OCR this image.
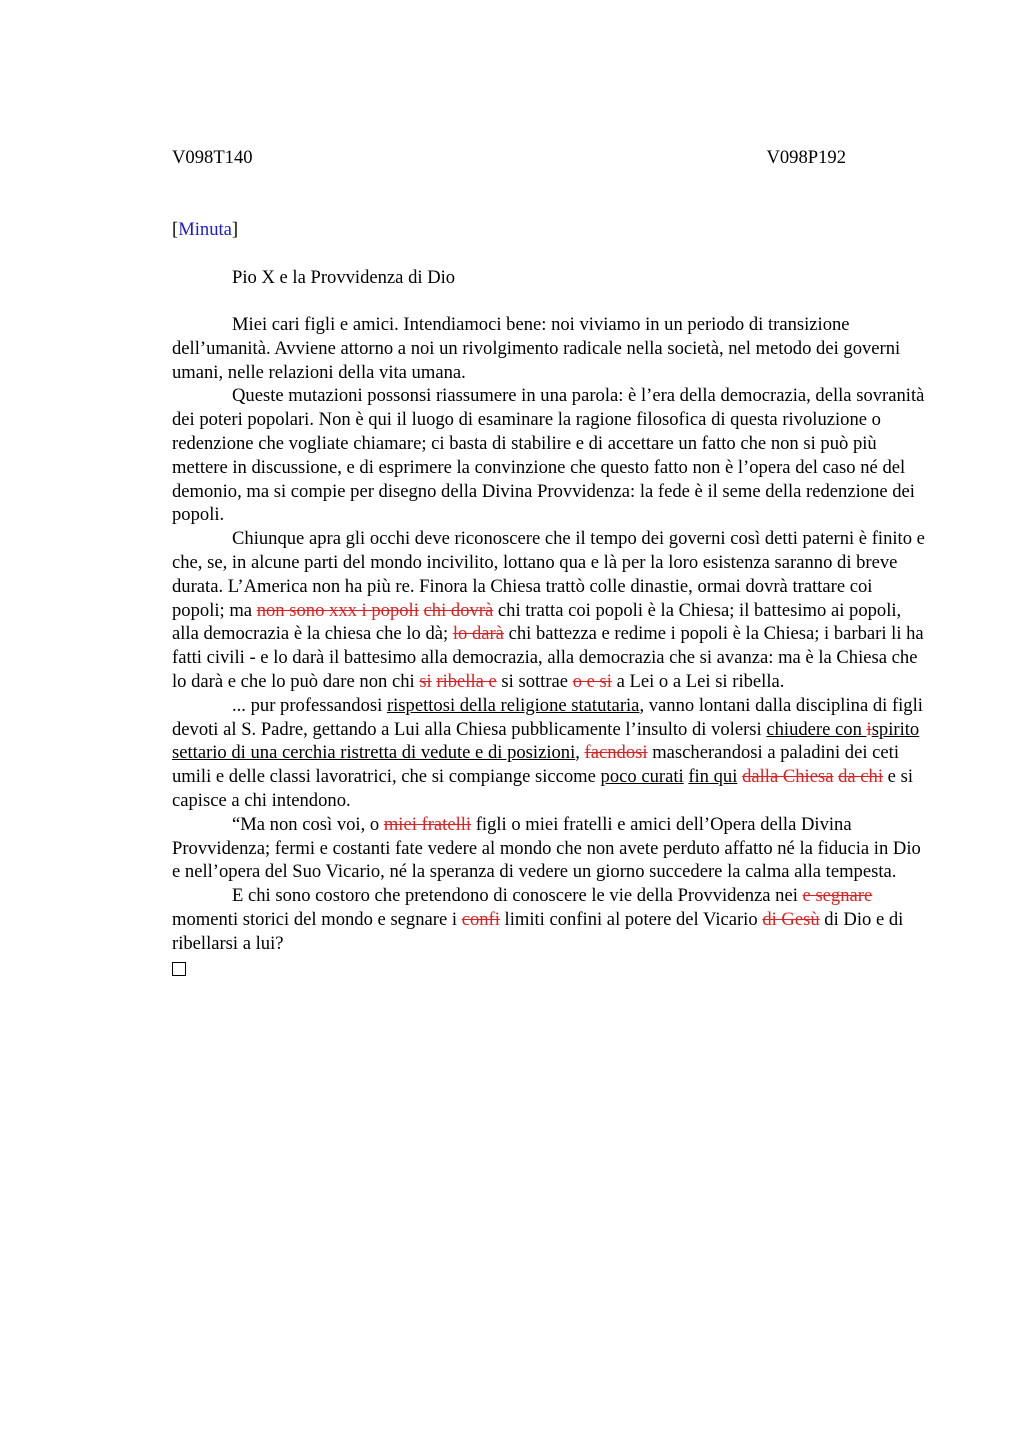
V098T140	V098P192
[Minuta]
Pio X e la Provvidenza di Dio

Miei cari figli e amici. Intendiamoci bene: noi viviamo in un periodo di transizione dell’umanità. Avviene attorno a noi un rivolgimento radicale nella società, nel metodo dei governi umani, nelle relazioni della vita umana.

Queste mutazioni possonsi riassumere in una parola: è l’era della democrazia, della sovranità dei poteri popolari. Non è qui il luogo di esaminare la ragione filosofica di questa rivoluzione o redenzione che vogliate chiamare; ci basta di stabilire e di accettare un fatto che non si può più mettere in discussione, e di esprimere la convinzione che questo fatto non è l’opera del caso né del demonio, ma si compie per disegno della Divina Provvidenza: la fede è il seme della redenzione dei popoli.

Chiunque apra gli occhi deve riconoscere che il tempo dei governi così detti paterni è finito e che, se, in alcune parti del mondo incivilito, lottano qua e là per la loro esistenza saranno di breve durata. L’America non ha più re. Finora la Chiesa trattò colle dinastie, ormai dovrà trattare coi popoli; ma non sono xxx i popoli chi dovrà chi tratta coi popoli è la Chiesa; il battesimo ai popoli, alla democrazia è la chiesa che lo dà; lo darà chi battezza e redime i popoli è la Chiesa; i barbari li ha fatti civili - e lo darà il battesimo alla democrazia, alla democrazia che si avanza: ma è la Chiesa che lo darà e che lo può dare non chi si ribella e si sottrae o e si a Lei o a Lei si ribella.

... pur professandosi rispettosi della religione statutaria, vanno lontani dalla disciplina di figli devoti al S. Padre, gettando a Lui alla Chiesa pubblicamente l’insulto di volersi chiudere con ispirito settario di una cerchia ristretta di vedute e di posizioni, facndosi mascherandosi a paladini dei ceti umili e delle classi lavoratrici, che si compiange siccome poco curati fin qui dalla Chiesa da chi e si capisce a chi intendono.

“Ma non così voi, o miei fratelli figli o miei fratelli e amici dell’Opera della Divina Provvidenza; fermi e costanti fate vedere al mondo che non avete perduto affatto né la fiducia in Dio e nell’opera del Suo Vicario, né la speranza di vedere un giorno succedere la calma alla tempesta.

E chi sono costoro che pretendono di conoscere le vie della Provvidenza nei e segnare momenti storici del mondo e segnare i confi limiti confini al potere del Vicario di Gesù di Dio e di ribellarsi a lui?
